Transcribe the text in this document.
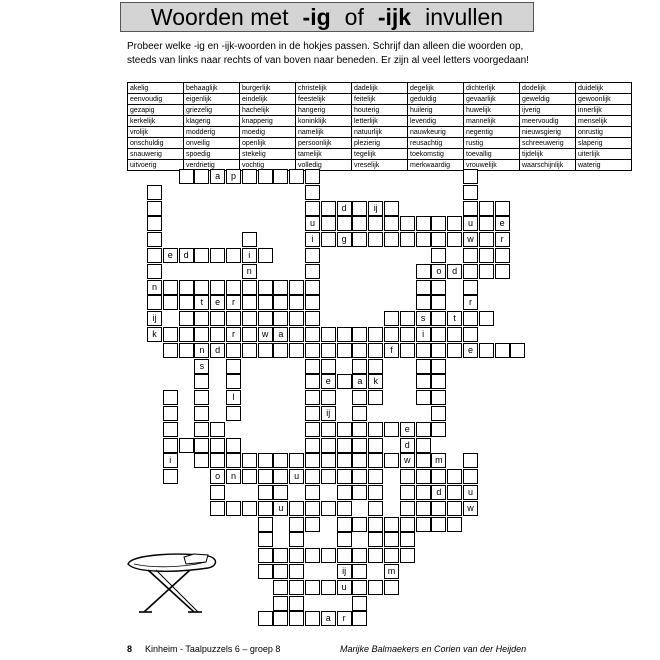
Woorden met -ig of -ijk invullen
Probeer welke -ig en -ijk-woorden in de hokjes passen. Schrijf dan alleen die woorden op, steeds van links naar rechts of van boven naar beneden. Er zijn al veel letters voorgedaan!
akelig	behaaglijk	burgerlijk	christelijk	dadelijk	degelijk	dichterlijk	dodelijk	duidelijk
eenvoudig	eigenlijk	eindelijk	feestelijk	feitelijk	geduldig	gevaarlijk	geweldig	gewoonlijk
gezapig	griezelig	hachelijk	hangerig	houterig	huilerig	huwelijk	ijverig	innerlijk
kerkelijk	klagerig	knapperig	koninklijk	letterlijk	levendig	mannelijk	meervoudig	menselijk
vrolijk	modderig	moedig	namelijk	natuurlijk	nauwkeurig	negentig	nieuwsgierig	onrustig
onschuldig	onveilig	openlijk	persoonlijk	plezierig	reusachtig	rustig	schreeuwerig	slaperig
snauwerig	spoedig	stekelig	tamelijk	tegelijk	toekomstig	toevallig	tijdelijk	uiterlijk
uitvoerig	verdrietig	vochtig	volledig	vreselijk	merkwaardig	vrouwelijk	waarschijnlijk	waterig
a	p
n
ij
k
u
i
d	ij
u
w
e
r
g
e	d	i
n	o	d
r
t	e	r
s
i
t
r
n
s
w	a
e	k
d	f
a
e
ij
l
i
o
e
d
w	m
d	u
w
n	u
u
ij
u
m
a	r
8 Kinheim - Taalpuzzels 6 – groep 8	Marijke Balmaekers en Corien van der Heijden
